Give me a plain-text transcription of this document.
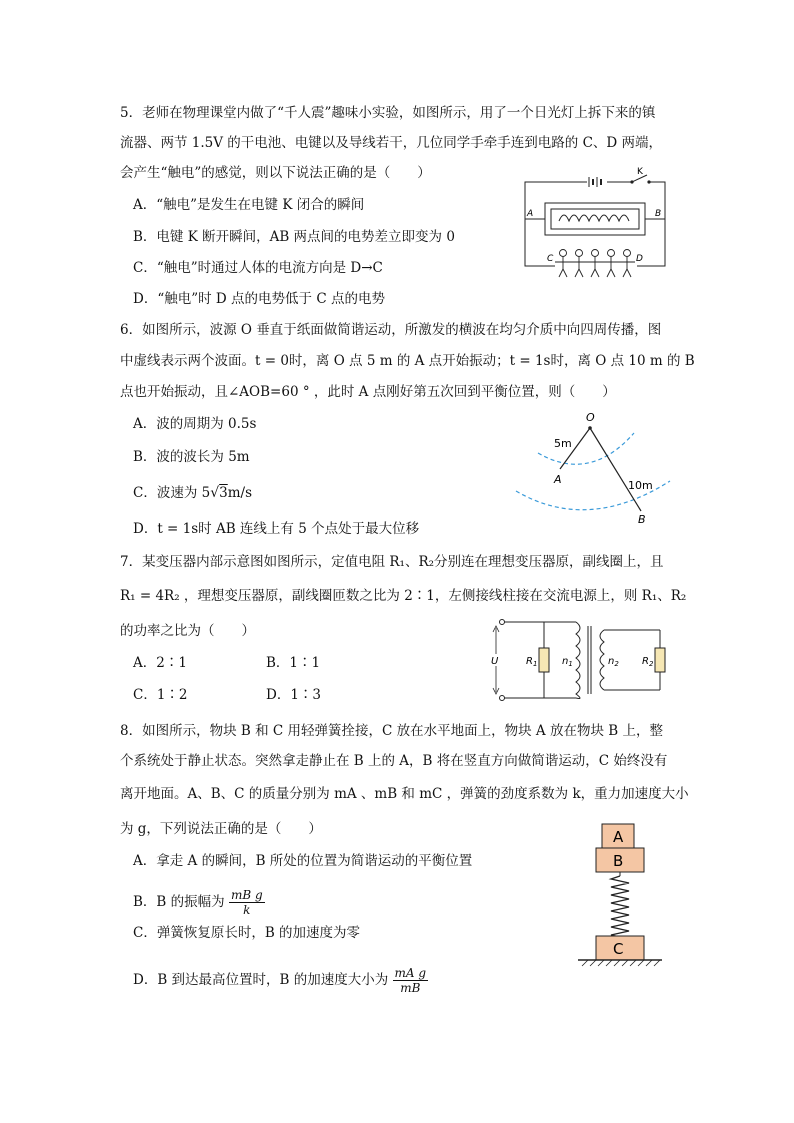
5．老师在物理课堂内做了“千人震”趣味小实验，如图所示，用了一个日光灯上拆下来的镇
流器、两节 1.5V 的干电池、电键以及导线若干，几位同学手牵手连到电路的 C、D 两端，
会产生“触电”的感觉，则以下说法正确的是（　　）
A．“触电”是发生在电键 K 闭合的瞬间
B．电键 K 断开瞬间，AB 两点间的电势差立即变为 0
C．“触电”时通过人体的电流方向是 D→C
D．“触电”时 D 点的电势低于 C 点的电势
K
A	B
C	D
6．如图所示，波源 O 垂直于纸面做简谐运动，所激发的横波在均匀介质中向四周传播，图
中虚线表示两个波面。t = 0时，离 O 点 5 m 的 A 点开始振动；t = 1s时，离 O 点 10 m 的 B
点也开始振动，且∠AOB=60 ° ，此时 A 点刚好第五次回到平衡位置，则（　　）
A．波的周期为 0.5s
B．波的波长为 5m
C．波速为 5√3m/s
D．t = 1s时 AB 连线上有 5 个点处于最大位移
O
5m
10m
A
B
7．某变压器内部示意图如图所示，定值电阻 R₁、R₂分别连在理想变压器原，副线圈上，且
R₁ = 4R₂ ，理想变压器原，副线圈匝数之比为 2∶1，左侧接线柱接在交流电源上，则 R₁、R₂
的功率之比为（　　）
A．2∶1	B．1∶1
C．1∶2	D．1∶3
U	$R_1$ $n_1$	$n_2$ $R_2$
8．如图所示，物块 B 和 C 用轻弹簧拴接，C 放在水平地面上，物块 A 放在物块 B 上，整
个系统处于静止状态。突然拿走静止在 B 上的 A，B 将在竖直方向做简谐运动，C 始终没有
离开地面。A、B、C 的质量分别为 mA 、mB 和 mC ，弹簧的劲度系数为 k，重力加速度大小
为 g，下列说法正确的是（　　）
A．拿走 A 的瞬间，B 所处的位置为简谐运动的平衡位置
B．B 的振幅为 $\frac{\text{mB g}}{k}$
C．弹簧恢复原长时，B 的加速度为零
D．B 到达最高位置时，B 的加速度大小为 $\frac{\text{mA g}}{mB}$
A
B
C
